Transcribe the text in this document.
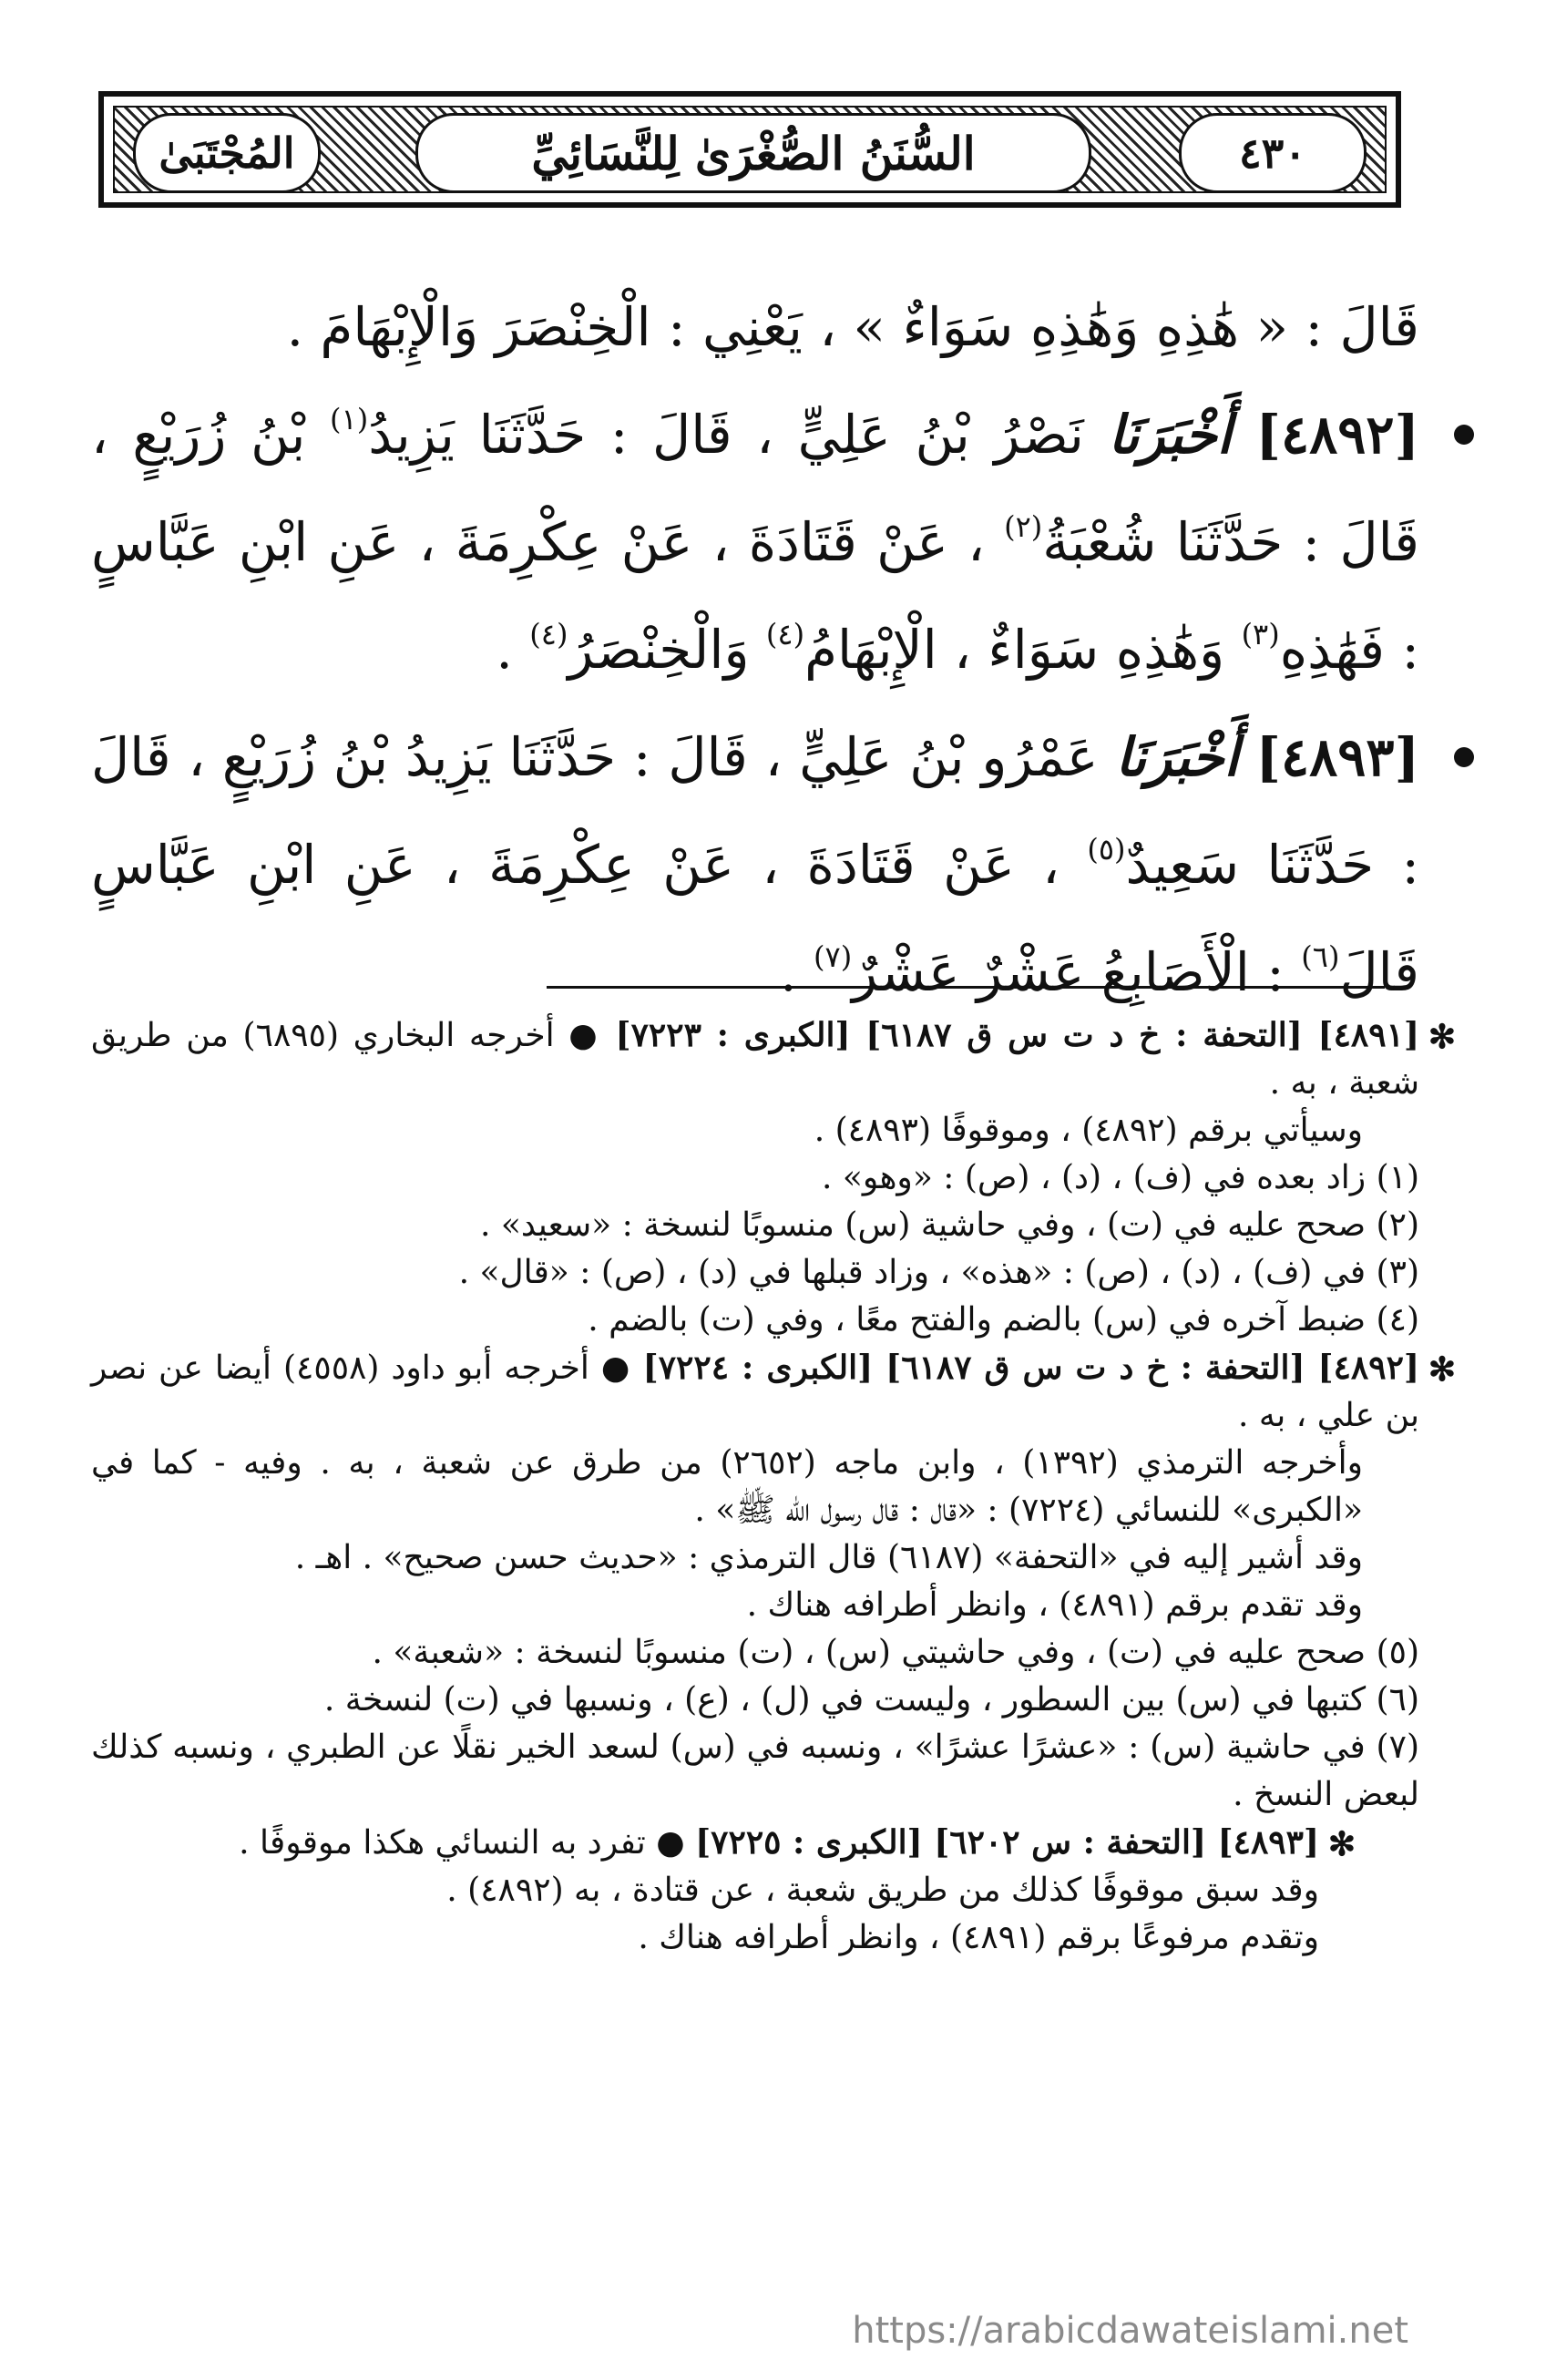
المُجْتَبَىٰ	السُّنَنُ الصُّغْرَىٰ لِلنَّسَائِيِّ	٤٣٠

قَالَ : « هَٰذِهِ وَهَٰذِهِ سَوَاءٌ » ، يَعْنِي : الْخِنْصَرَ وَالْإِبْهَامَ .

[٤٨٩٢] أَخْبَرَنَا نَصْرُ بْنُ عَلِيٍّ ، قَالَ : حَدَّثَنَا يَزِيدُ$^{(١)}$ بْنُ زُرَيْعٍ ، قَالَ : حَدَّثَنَا شُعْبَةُ$^{(٢)}$ ، عَنْ قَتَادَةَ ، عَنْ عِكْرِمَةَ ، عَنِ ابْنِ عَبَّاسٍ : فَهَٰذِهِ$^{(٣)}$ وَهَٰذِهِ سَوَاءٌ ، الْإِبْهَامُ$^{(٤)}$ وَالْخِنْصَرُ$^{(٤)}$ .

[٤٨٩٣] أَخْبَرَنَا عَمْرُو بْنُ عَلِيٍّ ، قَالَ : حَدَّثَنَا يَزِيدُ بْنُ زُرَيْعٍ ، قَالَ : حَدَّثَنَا سَعِيدٌ$^{(٥)}$ ، عَنْ قَتَادَةَ ، عَنْ عِكْرِمَةَ ، عَنِ ابْنِ عَبَّاسٍ قَالَ$^{(٦)}$ : الْأَصَابِعُ عَشْرٌ عَشْرٌ$^{(٧)}$ .

✻
[٤٨٩١] [التحفة : خ د ت س ق ٦١٨٧] [الكبرى : ٧٢٢٣] ● أخرجه البخاري (٦٨٩٥) من طريق شعبة ، به .

وسيأتي برقم (٤٨٩٢) ، وموقوفًا (٤٨٩٣) .

(١) زاد بعده في (ف) ، (د) ، (ص) : «وهو» .

(٢) صحح عليه في (ت) ، وفي حاشية (س) منسوبًا لنسخة : «سعيد» .

(٣) في (ف) ، (د) ، (ص) : «هذه» ، وزاد قبلها في (د) ، (ص) : «قال» .

(٤) ضبط آخره في (س) بالضم والفتح معًا ، وفي (ت) بالضم .

✻
[٤٨٩٢] [التحفة : خ د ت س ق ٦١٨٧] [الكبرى : ٧٢٢٤] ● أخرجه أبو داود (٤٥٥٨) أيضا عن نصر بن علي ، به .

وأخرجه الترمذي (١٣٩٢) ، وابن ماجه (٢٦٥٢) من طرق عن شعبة ، به . وفيه - كما في «الكبرى» للنسائي (٧٢٢٤) : «قال : قال رسول الله ﷺ» .

وقد أشير إليه في «التحفة» (٦١٨٧) قال الترمذي : «حديث حسن صحيح» . اهـ .

وقد تقدم برقم (٤٨٩١) ، وانظر أطرافه هناك .

(٥) صحح عليه في (ت) ، وفي حاشيتي (س) ، (ت) منسوبًا لنسخة : «شعبة» .

(٦) كتبها في (س) بين السطور ، وليست في (ل) ، (ع) ، ونسبها في (ت) لنسخة .

(٧) في حاشية (س) : «عشرًا عشرًا» ، ونسبه في (س) لسعد الخير نقلًا عن الطبري ، ونسبه كذلك لبعض النسخ .

✻
[٤٨٩٣] [التحفة : س ٦٢٠٢] [الكبرى : ٧٢٢٥] ● تفرد به النسائي هكذا موقوفًا .

وقد سبق موقوفًا كذلك من طريق شعبة ، عن قتادة ، به (٤٨٩٢) .

وتقدم مرفوعًا برقم (٤٨٩١) ، وانظر أطرافه هناك .

https://arabicdawateislami.net
